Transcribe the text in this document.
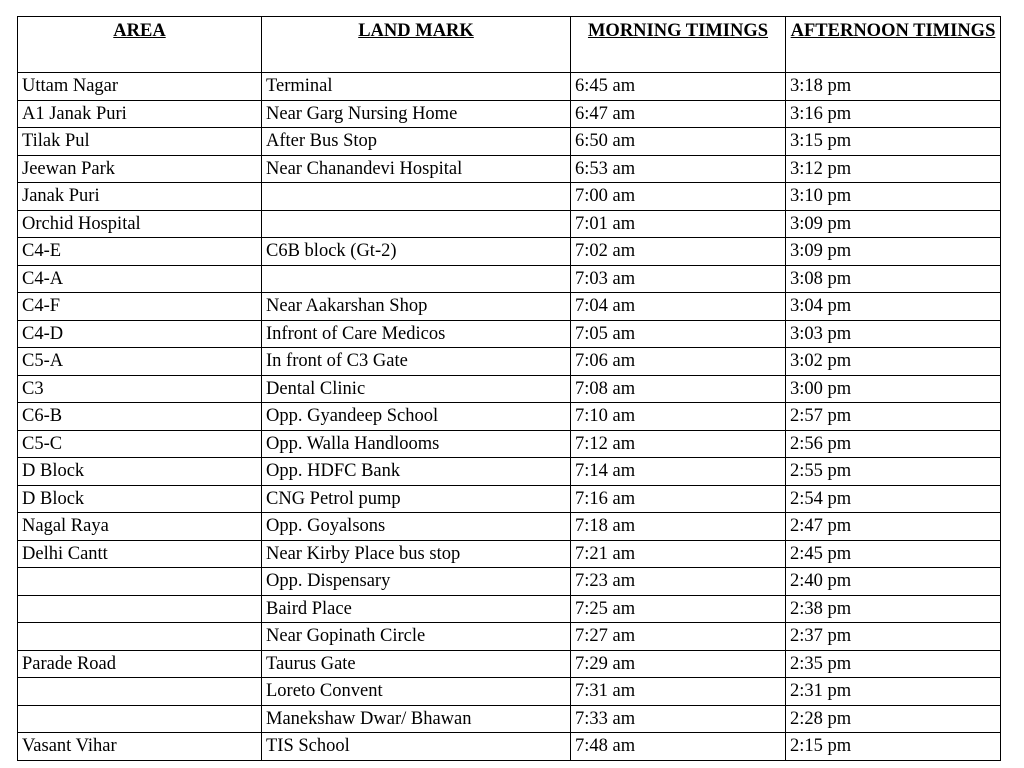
AREA	LAND MARK	MORNING TIMINGS	AFTERNOON TIMINGS
Uttam Nagar	Terminal	6:45 am	3:18 pm
A1 Janak Puri	Near Garg Nursing Home	6:47 am	3:16 pm
Tilak Pul	After Bus Stop	6:50 am	3:15 pm
Jeewan Park	Near Chanandevi Hospital	6:53 am	3:12 pm
Janak Puri		7:00 am	3:10 pm
Orchid Hospital		7:01 am	3:09 pm
C4-E	C6B block (Gt-2)	7:02 am	3:09 pm
C4-A		7:03 am	3:08 pm
C4-F	Near Aakarshan Shop	7:04 am	3:04 pm
C4-D	Infront of Care Medicos	7:05 am	3:03 pm
C5-A	In front of C3 Gate	7:06 am	3:02 pm
C3	Dental Clinic	7:08 am	3:00 pm
C6-B	Opp. Gyandeep School	7:10 am	2:57 pm
C5-C	Opp. Walla Handlooms	7:12 am	2:56 pm
D Block	Opp. HDFC Bank	7:14 am	2:55 pm
D Block	CNG Petrol pump	7:16 am	2:54 pm
Nagal Raya	Opp. Goyalsons	7:18 am	2:47 pm
Delhi Cantt	Near Kirby Place bus stop	7:21 am	2:45 pm
	Opp. Dispensary	7:23 am	2:40 pm
	Baird Place	7:25 am	2:38 pm
	Near Gopinath Circle	7:27 am	2:37 pm
Parade Road	Taurus Gate	7:29 am	2:35 pm
	Loreto Convent	7:31 am	2:31 pm
	Manekshaw Dwar/ Bhawan	7:33 am	2:28 pm
Vasant Vihar	TIS School	7:48 am	2:15 pm
